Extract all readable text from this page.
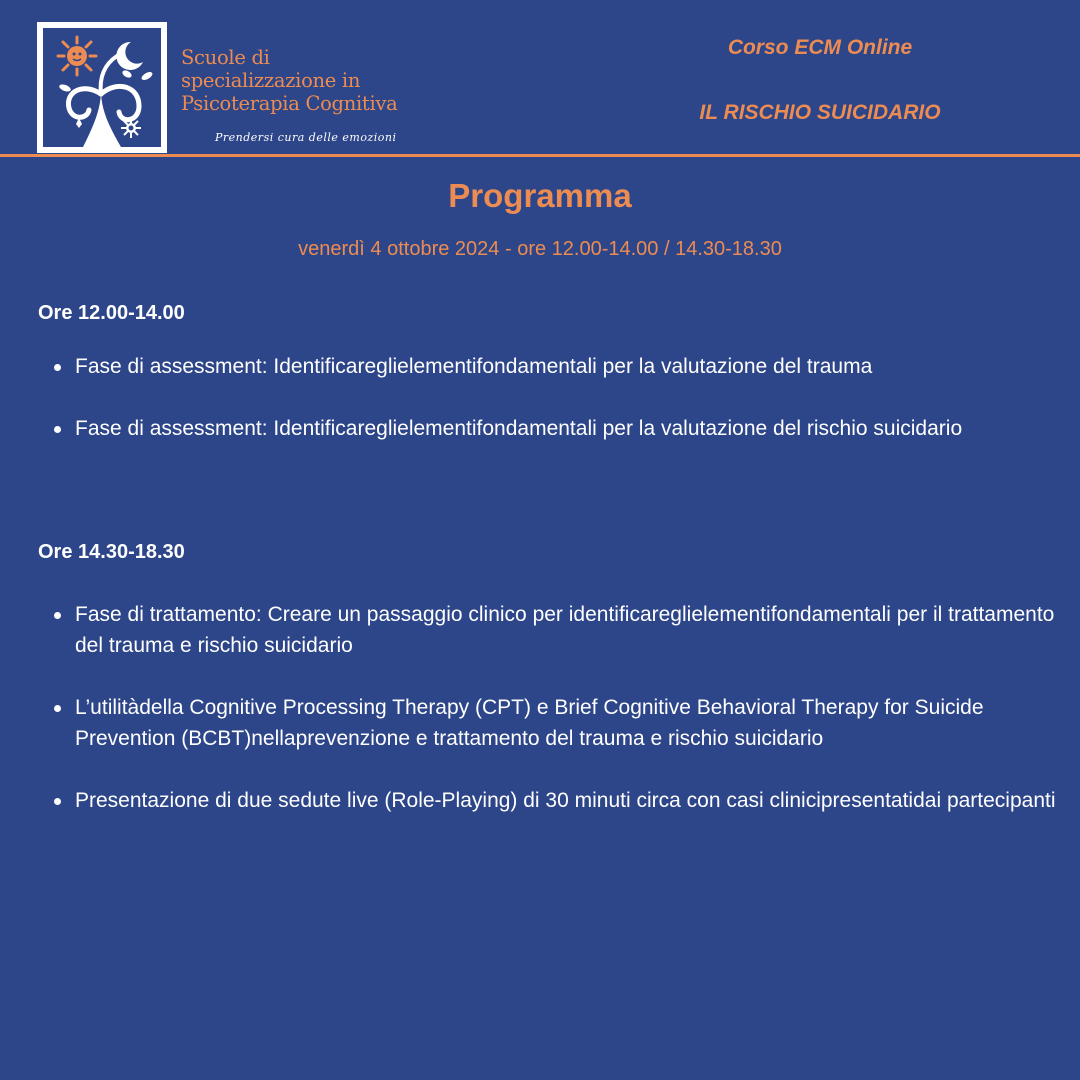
Scuole di
specializzazione in
Psicoterapia Cognitiva
Prendersi cura delle emozioni
Corso ECM Online
IL RISCHIO SUICIDARIO
Programma
venerdì 4 ottobre 2024 - ore 12.00-14.00 / 14.30-18.30
Ore 12.00-14.00
Fase di assessment: Identificareglielementifondamentali per la valutazione del trauma
Fase di assessment: Identificareglielementifondamentali per la valutazione del rischio suicidario
Ore 14.30-18.30
Fase di trattamento: Creare un passaggio clinico per identificareglielementifondamentali per il trattamento del trauma e rischio suicidario
L’utilitàdella Cognitive Processing Therapy (CPT) e Brief Cognitive Behavioral Therapy for Suicide Prevention (BCBT)nellaprevenzione e trattamento del trauma e rischio suicidario
Presentazione di due sedute live (Role-Playing) di 30 minuti circa con casi clinicipresentatidai partecipanti
